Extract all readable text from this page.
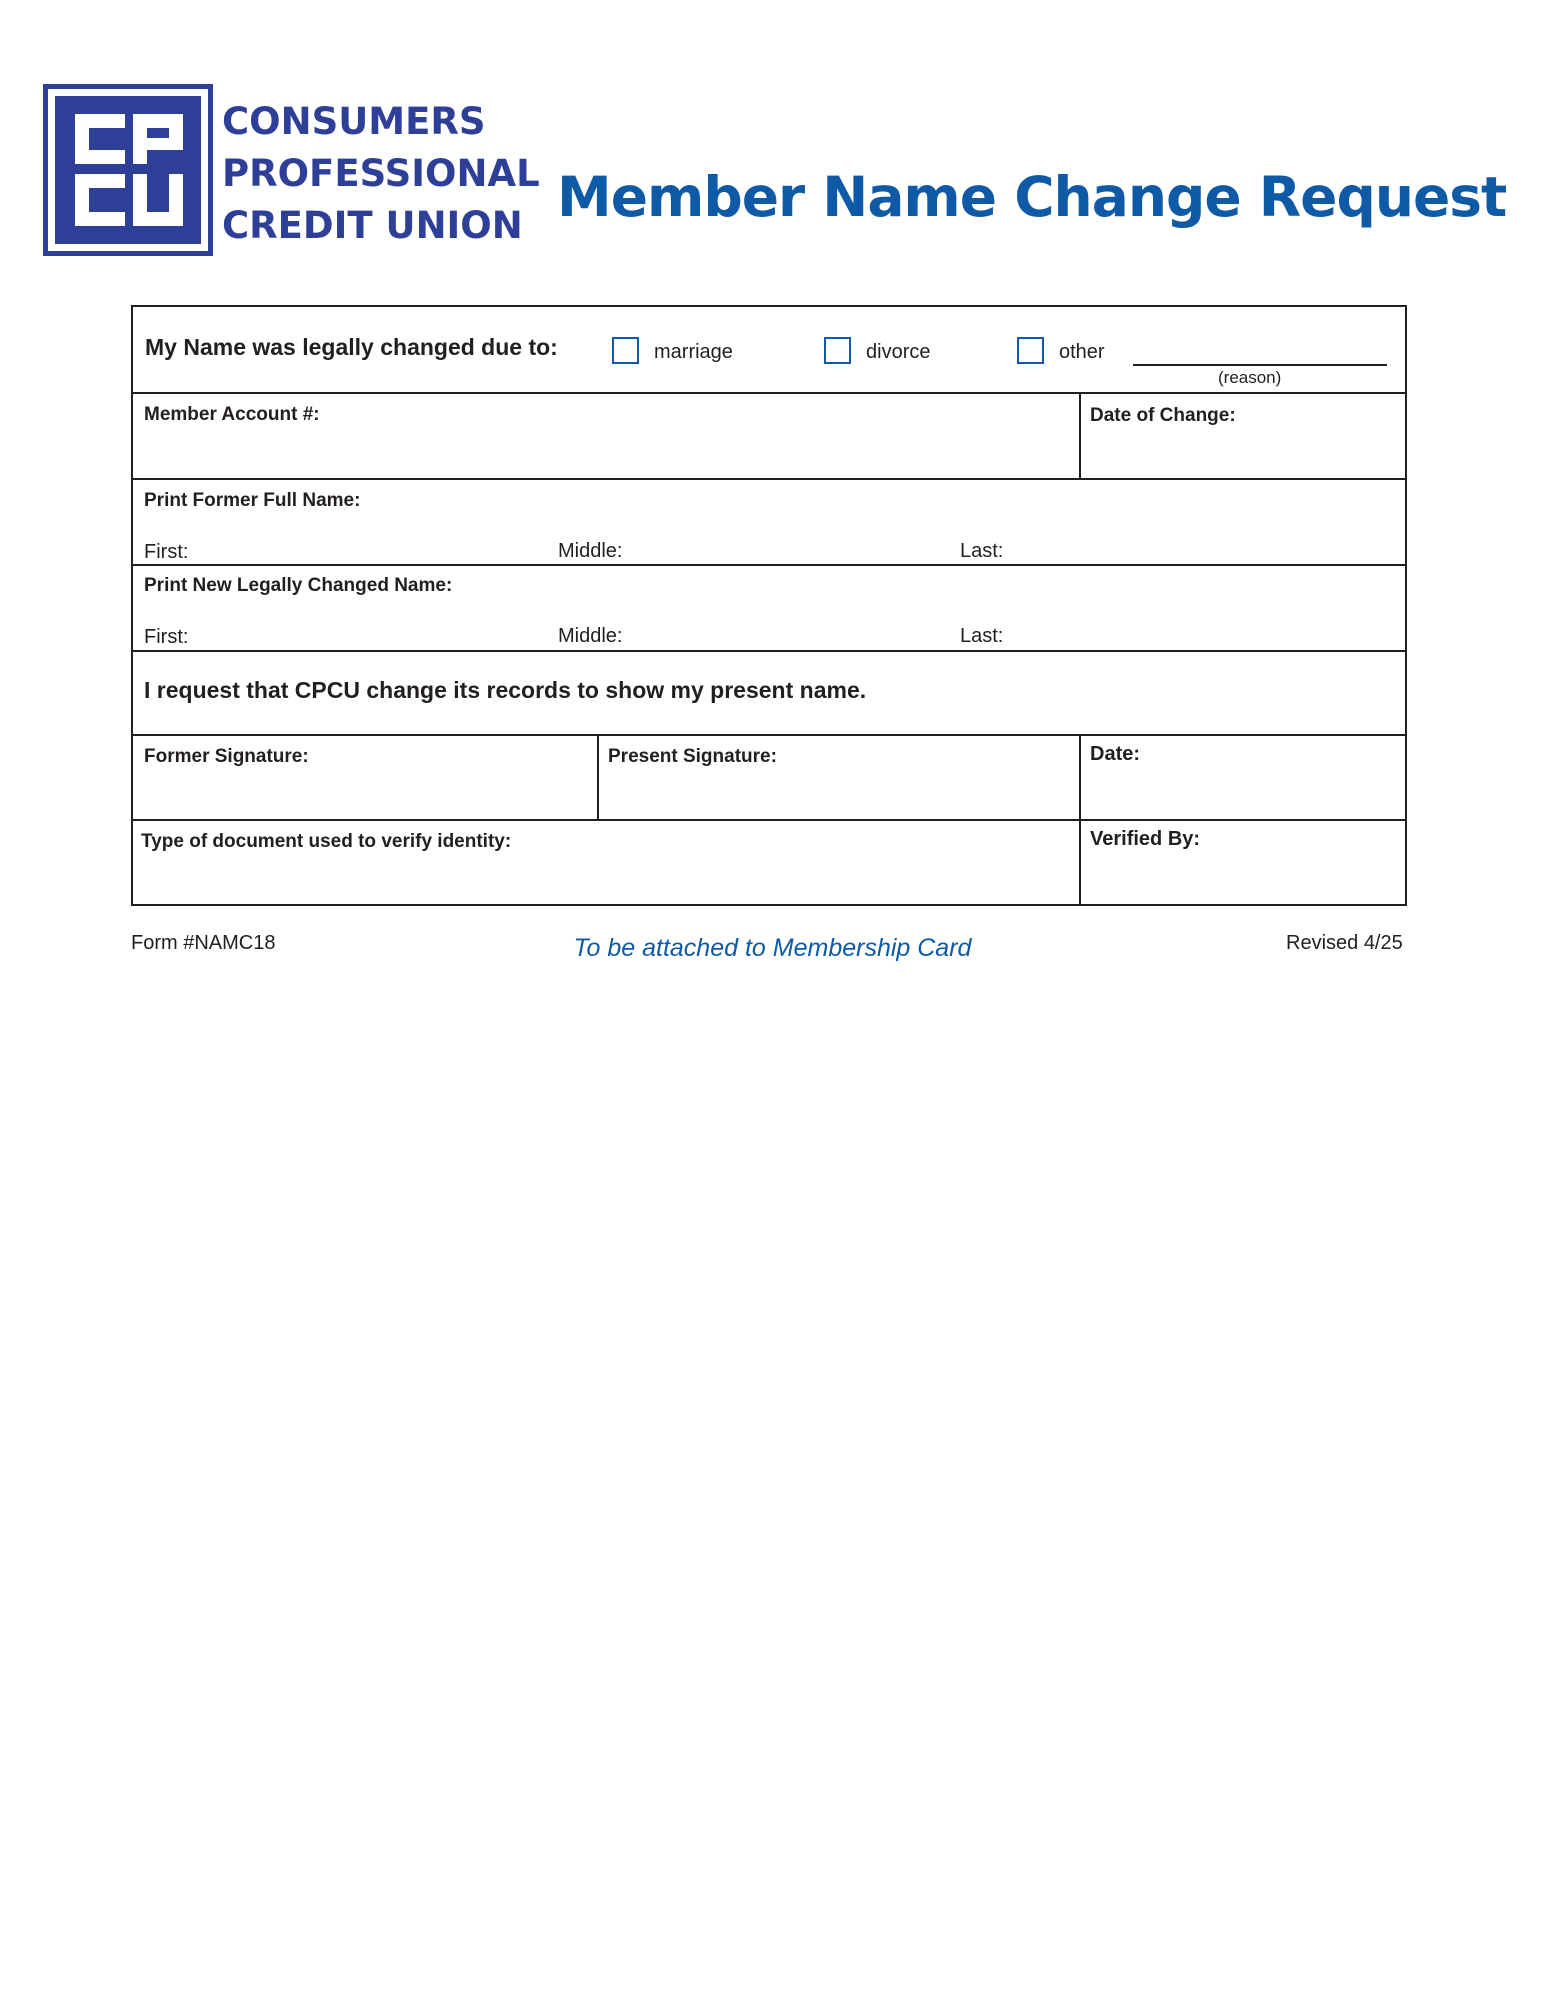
CONSUMERS
PROFESSIONAL
CREDIT UNION Member Name Change Request
My Name was legally changed due to:	marriage	divorce	other
(reason)
Member Account #:	Date of Change:
Print Former Full Name:
First:	Middle:	Last:
Print New Legally Changed Name:
First:	Middle:	Last:
I request that CPCU change its records to show my present name.
Former Signature:	Present Signature:	Date:
Type of document used to verify identity:	Verified By:
Form #NAMC18	To be attached to Membership Card	Revised 4/25
